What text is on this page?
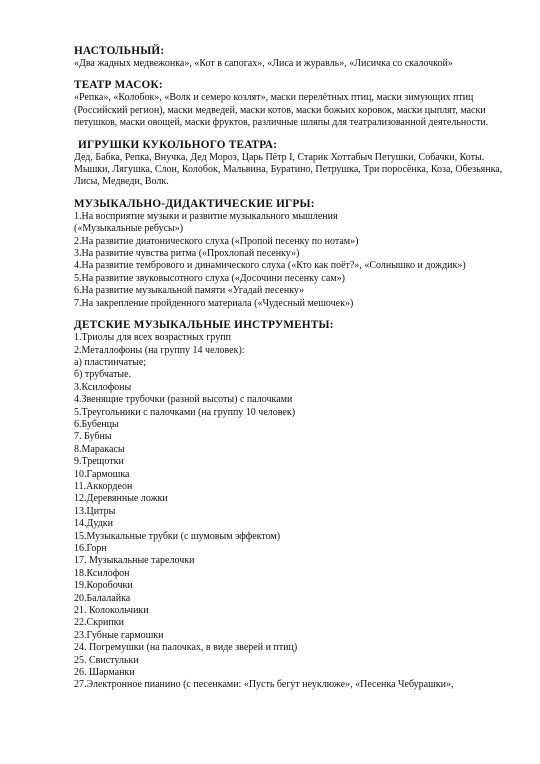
НАСТОЛЬНЫЙ:

«Два жадных медвежонка», «Кот в сапогах», «Лиса и журавль», «Лисичка со скалочкой»

ТЕАТР МАСОК:

«Репка», «Колобок», «Волк и семеро козлят», маски перелётных птиц, маски зимующих птиц (Российский регион), маски медведей, маски котов, маски божьих коровок, маски цыплят, маски петушков, маски овощей, маски фруктов, различные шляпы для театрализованной деятельности.

ИГРУШКИ КУКОЛЬНОГО ТЕАТРА:

Дед, Бабка, Репка, Внучка, Дед Мороз, Царь Пётр I, Старик Хоттабыч Петушки, Собачки, Коты. Мышки, Лягушка, Слон, Колобок, Мальвина, Буратино, Петрушка, Три поросёнка, Коза, Обезьянка, Лисы, Медведи, Волк.

МУЗЫКАЛЬНО-ДИДАКТИЧЕСКИЕ ИГРЫ:

1.На восприятие музыки и развитие музыкального мышления

(«Музыкальные ребусы»)

2.На развитие диатонического слуха («Пропой песенку по нотам»)

3.На развитие чувства ритма («Прохлопай песенку»)

4.На развитие тембрового и динамического слуха («Кто как поёт?», «Солнышко и дождик»)

5.На развитие звуковысотного слуха («Досочини песенку сам»)

6.На развитие музыкальной памяти «Угадай песенку»

7.На закрепление пройденного материала («Чудесный мешочек»)

ДЕТСКИЕ МУЗЫКАЛЬНЫЕ ИНСТРУМЕНТЫ:

1.Триолы для всех возрастных групп

2.Металлофоны (на группу 14 человек):

а) пластинчатые;

б) трубчатые.

3.Ксилофоны

4.Звенящие трубочки (разной высоты) с палочками

5.Треугольники с палочками (на группу 10 человек)

6.Бубенцы

7. Бубны

8.Маракасы

9.Трещотки

10.Гармошка

11.Аккордеон

12.Деревянные ложки

13.Цитры

14.Дудки

15.Музыкальные трубки (с шумовым эффектом)

16.Горн

17. Музыкальные тарелочки

18.Ксилофон

19.Коробочки

20.Балалайка

21. Колокольчики

22.Скрипки

23.Губные гармошки

24. Погремушки (на палочках, в виде зверей и птиц)

25. Свистульки

26. Шарманки

27.Электронное пианино (с песенками: «Пусть бегут неуклюже», «Песенка Чебурашки»,
